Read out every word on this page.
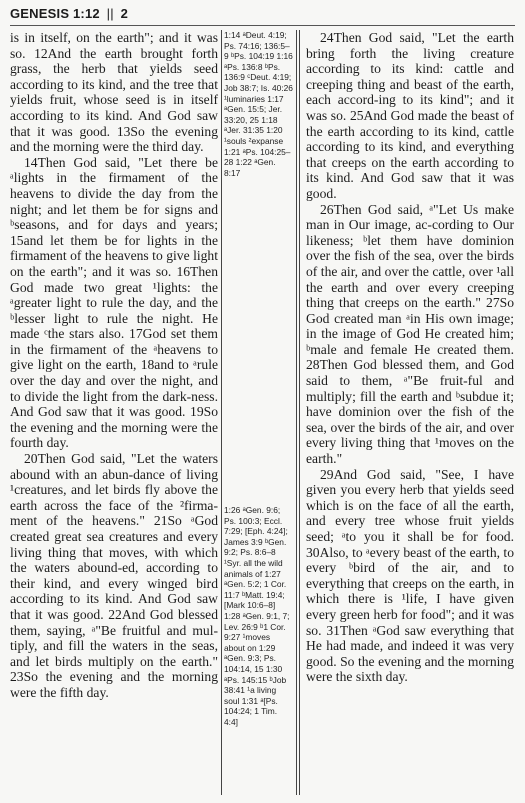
GENESIS 1:12 || 2

is in itself, on the earth"; and it was so. 12And the earth brought forth grass, the herb that yields seed according to its kind, and the tree that yields fruit, whose seed is in itself according to its kind. And God saw that it was good. 13So the evening and the morning were the third day.

14Then God said, "Let there be ᵃlights in the firmament of the heavens to divide the day from the night; and let them be for signs and ᵇseasons, and for days and years; 15and let them be for lights in the firmament of the heavens to give light on the earth"; and it was so. 16Then God made two great ¹lights: the ᵃgreater light to rule the day, and the ᵇlesser light to rule the night. He made ᶜthe stars also. 17God set them in the firmament of the ᵃheavens to give light on the earth, 18and to ᵃrule over the day and over the night, and to divide the light from the dark-ness. And God saw that it was good. 19So the evening and the morning were the fourth day.

20Then God said, "Let the waters abound with an abun-dance of living ¹creatures, and let birds fly above the earth across the face of the ²firma-ment of the heavens." 21So ᵃGod created great sea creatures and every living thing that moves, with which the waters abound-ed, according to their kind, and every winged bird according to its kind. And God saw that it was good. 22And God blessed them, saying, ᵃ"Be fruitful and mul-tiply, and fill the waters in the seas, and let birds multiply on the earth." 23So the evening and the morning were the fifth day.

1:14 ᵃDeut. 4:19; Ps. 74:16; 136:5–9 ᵇPs. 104:19 1:16 ᵃPs. 136:8 ᵇPs. 136:9 ᶜDeut. 4:19; Job 38:7; Is. 40:26 ¹luminaries 1:17 ᵃGen. 15:5; Jer. 33:20, 25 1:18 ᵃJer. 31:35 1:20 ¹souls ²expanse 1:21 ᵃPs. 104:25–28 1:22 ᵃGen. 8:17
1:26 ᵃGen. 9:6; Ps. 100:3; Eccl. 7:29; [Eph. 4:24]; James 3:9 ᵇGen. 9:2; Ps. 8:6–8 ¹Syr. all the wild animals of 1:27 ᵃGen. 5:2; 1 Cor. 11:7 ᵇMatt. 19:4; [Mark 10:6–8] 1:28 ᵃGen. 9:1, 7; Lev. 26:9 ᵇ1 Cor. 9:27 ¹moves about on 1:29 ᵃGen. 9:3; Ps. 104:14, 15 1:30 ᵃPs. 145:15 ᵇJob 38:41 ¹a living soul 1:31 ᵃ[Ps. 104:24; 1 Tim. 4:4]

24Then God said, "Let the earth bring forth the living creature according to its kind: cattle and creeping thing and beast of the earth, each accord-ing to its kind"; and it was so. 25And God made the beast of the earth according to its kind, cattle according to its kind, and everything that creeps on the earth according to its kind. And God saw that it was good.

26Then God said, ᵃ"Let Us make man in Our image, ac-cording to Our likeness; ᵇlet them have dominion over the fish of the sea, over the birds of the air, and over the cattle, over ¹all the earth and over every creeping thing that creeps on the earth." 27So God created man ᵃin His own image; in the image of God He created him; ᵇmale and female He created them. 28Then God blessed them, and God said to them, ᵃ"Be fruit-ful and multiply; fill the earth and ᵇsubdue it; have dominion over the fish of the sea, over the birds of the air, and over every living thing that ¹moves on the earth."

29And God said, "See, I have given you every herb that yields seed which is on the face of all the earth, and every tree whose fruit yields seed; ᵃto you it shall be for food. 30Also, to ᵃevery beast of the earth, to every ᵇbird of the air, and to everything that creeps on the earth, in which there is ¹life, I have given every green herb for food"; and it was so. 31Then ᵃGod saw everything that He had made, and indeed it was very good. So the evening and the morning were the sixth day.
